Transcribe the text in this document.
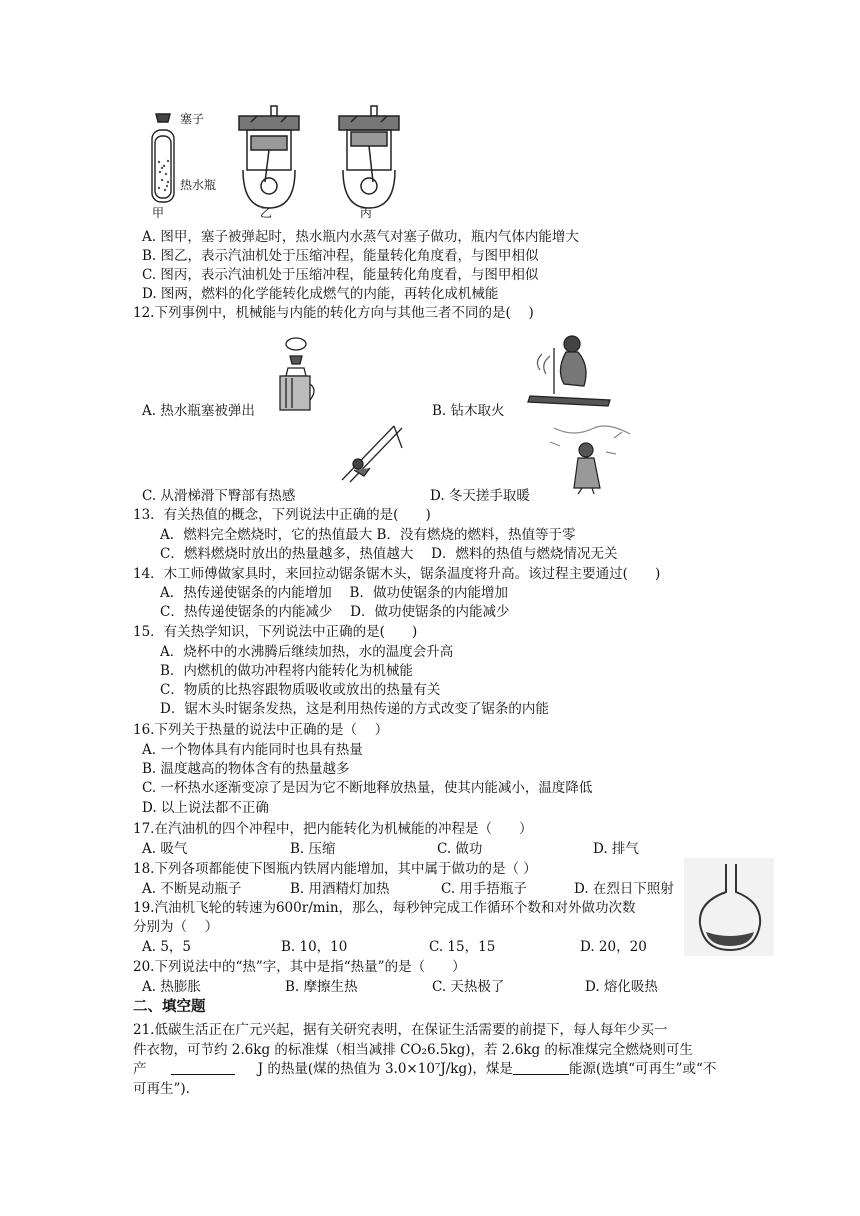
塞子
热水瓶
甲	乙	丙
A. 图甲，塞子被弹起时，热水瓶内水蒸气对塞子做功，瓶内气体内能增大
B. 图乙，表示汽油机处于压缩冲程，能量转化角度看，与图甲相似
C. 图丙，表示汽油机处于压缩冲程，能量转化角度看，与图甲相似
D. 图两，燃料的化学能转化成燃气的内能，再转化成机械能
12.下列事例中，机械能与内能的转化方向与其他三者不同的是(　 )
A. 热水瓶塞被弹出	B. 钻木取火
C. 从滑梯滑下臀部有热感	D. 冬天搓手取暖
13．有关热值的概念，下列说法中正确的是(　　)
A．燃料完全燃烧时，它的热值最大 B．没有燃烧的燃料，热值等于零
C．燃料燃烧时放出的热量越多，热值越大　 D．燃料的热值与燃烧情况无关
14．木工师傅做家具时，来回拉动锯条锯木头，锯条温度将升高。该过程主要通过(　　)
A．热传递使锯条的内能增加　 B．做功使锯条的内能增加
C．热传递使锯条的内能减少　 D．做功使锯条的内能减少
15．有关热学知识，下列说法中正确的是(　　)
A．烧杯中的水沸腾后继续加热，水的温度会升高
B．内燃机的做功冲程将内能转化为机械能
C．物质的比热容跟物质吸收或放出的热量有关
D．锯木头时锯条发热，这是利用热传递的方式改变了锯条的内能
16.下列关于热量的说法中正确的是（　 ）
A. 一个物体具有内能同时也具有热量
B. 温度越高的物体含有的热量越多
C. 一杯热水逐渐变凉了是因为它不断地释放热量，使其内能减小，温度降低
D. 以上说法都不正确
17.在汽油机的四个冲程中，把内能转化为机械能的冲程是（　　）
A. 吸气	B. 压缩	C. 做功	D. 排气
18.下列各项都能使下图瓶内铁屑内能增加，其中属于做功的是（ ）
A. 不断晃动瓶子	B. 用酒精灯加热	C. 用手捂瓶子	D. 在烈日下照射
19.汽油机飞轮的转速为600r/min，那么，每秒钟完成工作循环个数和对外做功次数
分别为（　 ）
A. 5，5	B. 10，10	C. 15，15	D. 20，20
20.下列说法中的“热”字，其中是指“热量”的是（　　）
A. 热膨胀	B. 摩擦生热	C. 天热极了	D. 熔化吸热
二、填空题
21.低碳生活正在广元兴起，据有关研究表明，在保证生活需要的前提下，每人每年少买一
件衣物，可节约 2.6kg 的标准煤（相当减排 CO₂6.5kg)，若 2.6kg 的标准煤完全燃烧则可生
产	J 的热量(煤的热值为 3.0×10⁷J/kg)，煤是	能源(选填“可再生”或“不
可再生”).
